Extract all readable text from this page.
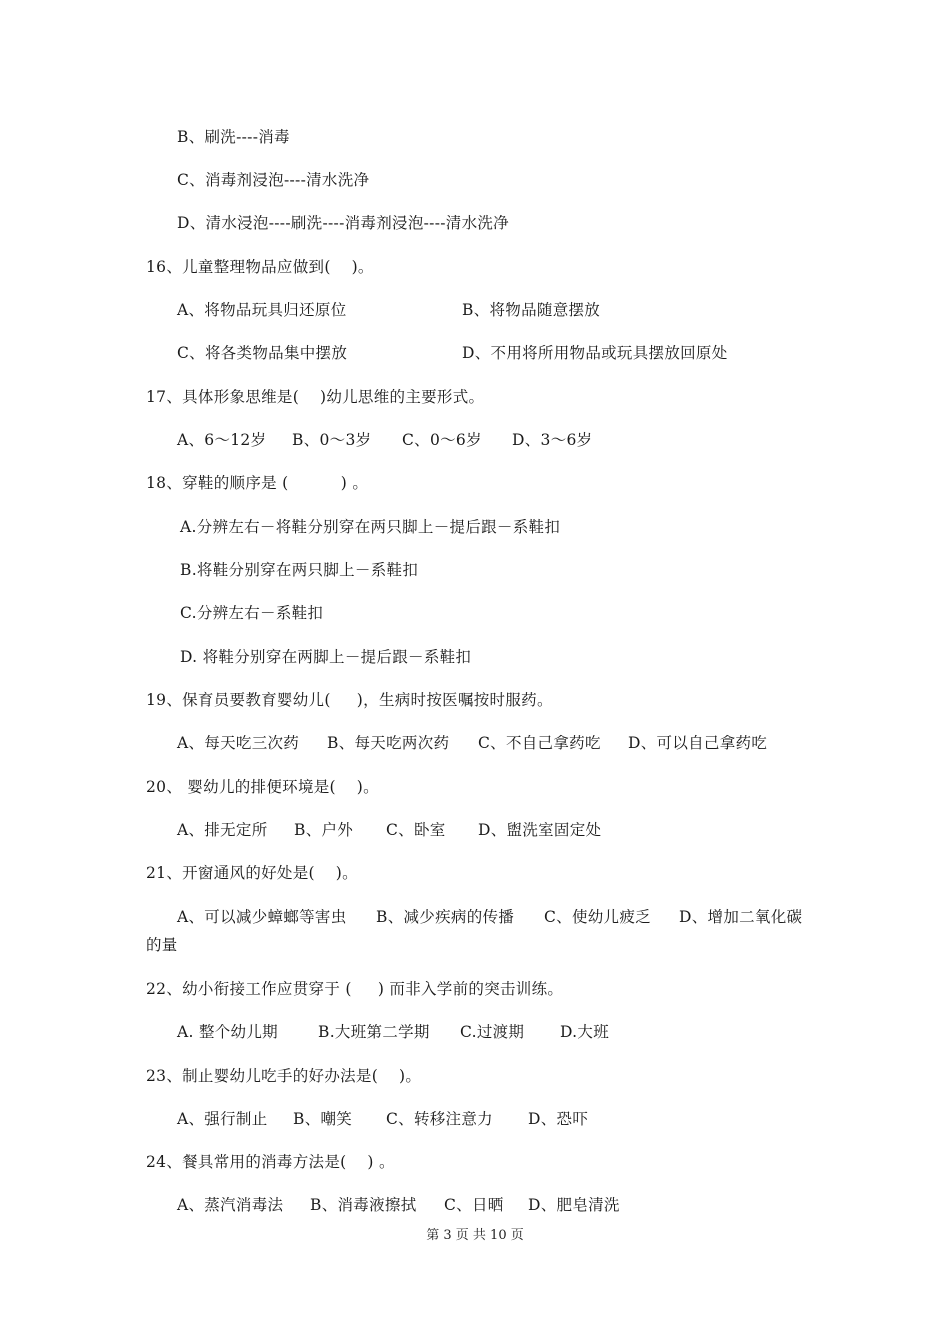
B、刷洗----消毒
C、消毒剂浸泡----清水洗净
D、清水浸泡----刷洗----消毒剂浸泡----清水洗净
16、儿童整理物品应做到(    )。
A、将物品玩具归还原位	B、将物品随意摆放
C、将各类物品集中摆放	D、不用将所用物品或玩具摆放回原处
17、具体形象思维是(    )幼儿思维的主要形式。
A、6～12岁 B、0～3岁 C、0～6岁 D、3～6岁
18、穿鞋的顺序是 (          ) 。
A.分辨左右－将鞋分别穿在两只脚上－提后跟－系鞋扣
B.将鞋分别穿在两只脚上－系鞋扣
C.分辨左右－系鞋扣
D. 将鞋分别穿在两脚上－提后跟－系鞋扣
19、保育员要教育婴幼儿(     )，生病时按医嘱按时服药。
A、每天吃三次药 B、每天吃两次药 C、不自己拿药吃 D、可以自己拿药吃
20、 婴幼儿的排便环境是(    )。
A、排无定所 B、户外 C、卧室 D、盥洗室固定处
21、开窗通风的好处是(    )。
A、可以减少蟑螂等害虫 B、减少疾病的传播 C、使幼儿疲乏 D、增加二氧化碳
的量
22、幼小衔接工作应贯穿于 (     ) 而非入学前的突击训练。
A. 整个幼儿期	B.大班第二学期 C.过渡期 D.大班
23、制止婴幼儿吃手的好办法是(    )。
A、强行制止 B、嘲笑 C、转移注意力 D、恐吓
24、餐具常用的消毒方法是(    ) 。
A、蒸汽消毒法 B、消毒液擦拭 C、日晒 D、肥皂清洗
第 3 页 共 10 页
